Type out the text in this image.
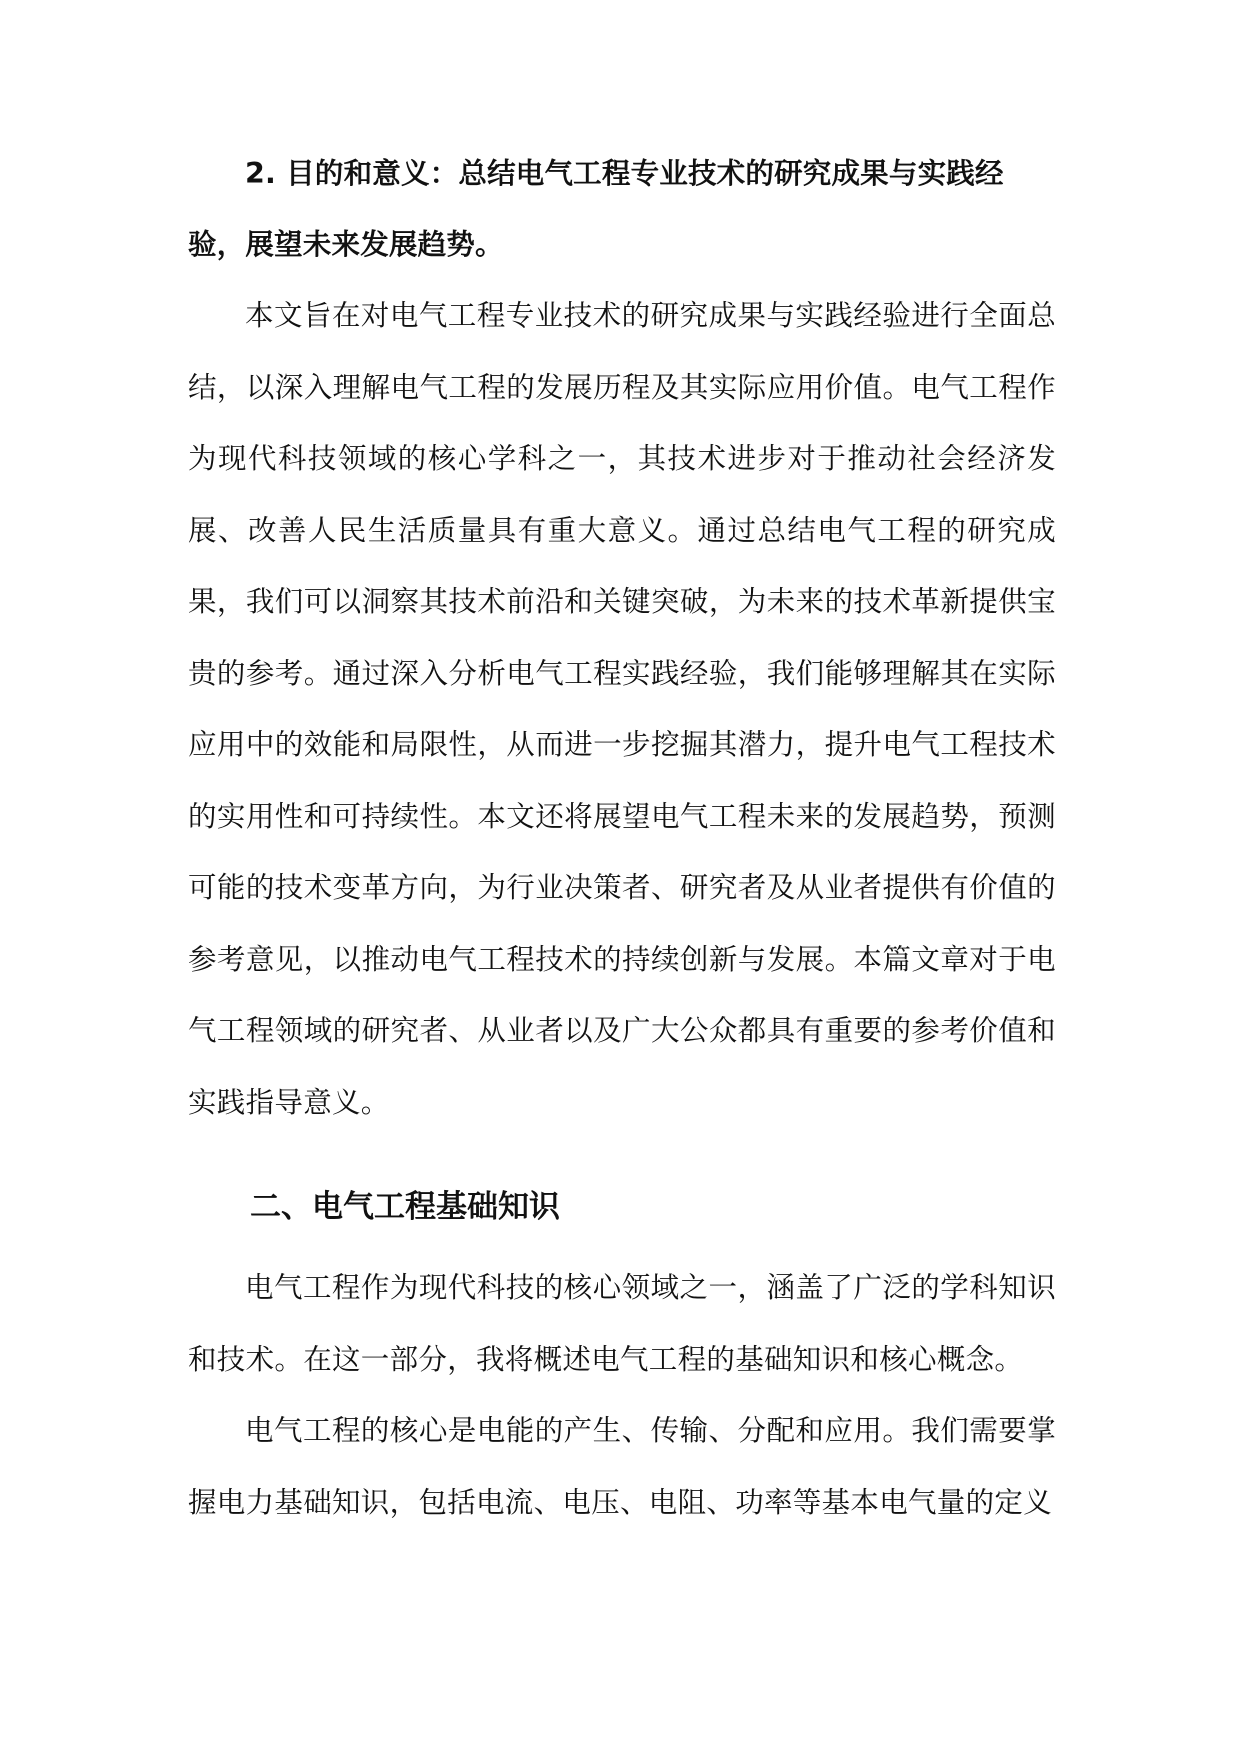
2. 目的和意义：总结电气工程专业技术的研究成果与实践经验，展望未来发展趋势。

本文旨在对电气工程专业技术的研究成果与实践经验进行全面总结，以深入理解电气工程的发展历程及其实际应用价值。电气工程作为现代科技领域的核心学科之一，其技术进步对于推动社会经济发展、改善人民生活质量具有重大意义。通过总结电气工程的研究成果，我们可以洞察其技术前沿和关键突破，为未来的技术革新提供宝贵的参考。通过深入分析电气工程实践经验，我们能够理解其在实际应用中的效能和局限性，从而进一步挖掘其潜力，提升电气工程技术的实用性和可持续性。本文还将展望电气工程未来的发展趋势，预测可能的技术变革方向，为行业决策者、研究者及从业者提供有价值的参考意见，以推动电气工程技术的持续创新与发展。本篇文章对于电气工程领域的研究者、从业者以及广大公众都具有重要的参考价值和实践指导意义。

二、电气工程基础知识

电气工程作为现代科技的核心领域之一，涵盖了广泛的学科知识和技术。在这一部分，我将概述电气工程的基础知识和核心概念。

电气工程的核心是电能的产生、传输、分配和应用。我们需要掌握电力基础知识，包括电流、电压、电阻、功率等基本电气量的定义
